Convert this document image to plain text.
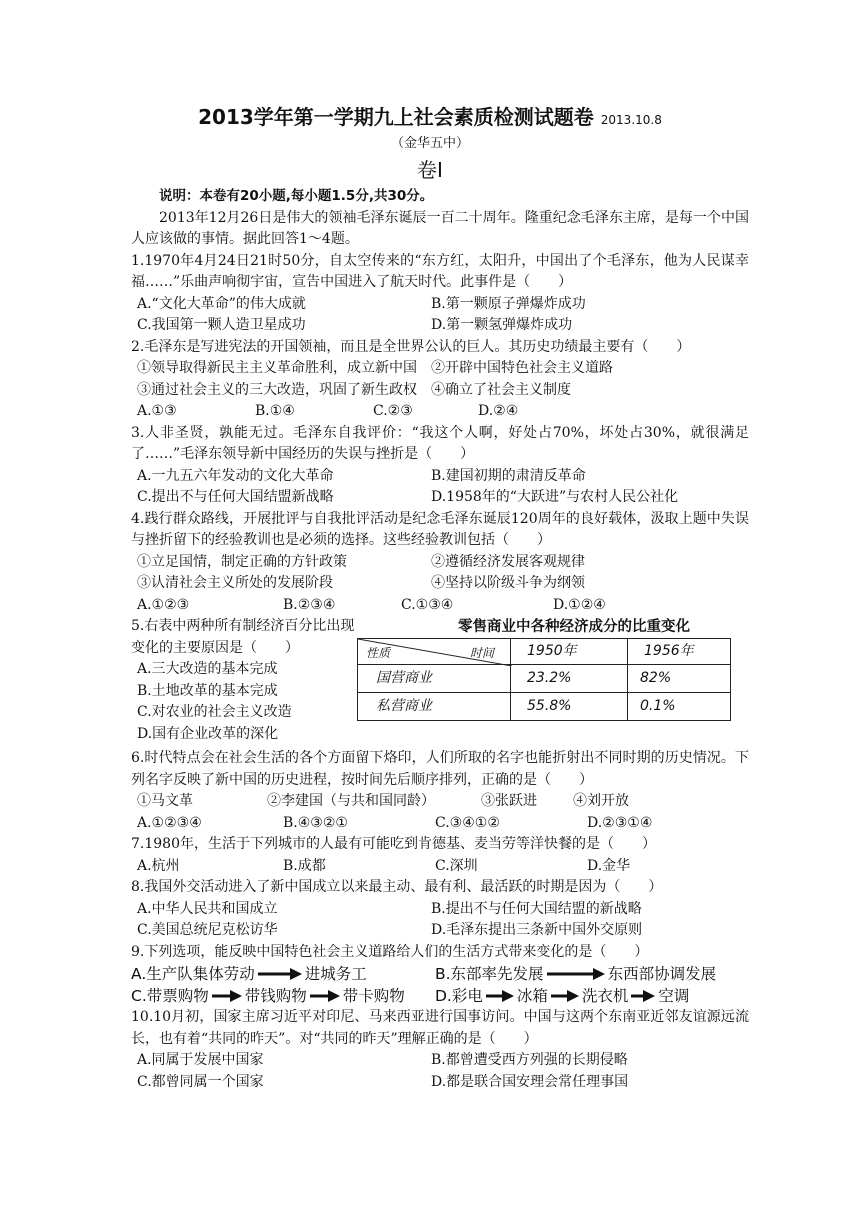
2013学年第一学期九上社会素质检测试题卷 2013.10.8
（金华五中）
卷Ⅰ

说明：本卷有20小题,每小题1.5分,共30分。

2013年12月26日是伟大的领袖毛泽东诞辰一百二十周年。隆重纪念毛泽东主席，是每一个中国人应该做的事情。据此回答1～4题。

1.1970年4月24日21时50分，自太空传来的“东方红，太阳升，中国出了个毛泽东，他为人民谋幸福……”乐曲声响彻宇宙，宣告中国进入了航天时代。此事件是（　　）

A.“文化大革命”的伟大成就	B.第一颗原子弹爆炸成功
C.我国第一颗人造卫星成功	D.第一颗氢弹爆炸成功

2.毛泽东是写进宪法的开国领袖，而且是全世界公认的巨人。其历史功绩最主要有（　　）

①领导取得新民主主义革命胜利，成立新中国	②开辟中国特色社会主义道路
③通过社会主义的三大改造，巩固了新生政权	④确立了社会主义制度
A.①③	B.①④	C.②③	D.②④

3.人非圣贤，孰能无过。毛泽东自我评价：“我这个人啊，好处占70%，坏处占30%，就很满足了……”毛泽东领导新中国经历的失误与挫折是（　　）

A.一九五六年发动的文化大革命	B.建国初期的肃清反革命
C.提出不与任何大国结盟新战略	D.1958年的“大跃进”与农村人民公社化

4.践行群众路线，开展批评与自我批评活动是纪念毛泽东诞辰120周年的良好载体，汲取上题中失误与挫折留下的经验教训也是必须的选择。这些经验教训包括（　　）

①立足国情，制定正确的方针政策	②遵循经济发展客观规律
③认清社会主义所处的发展阶段	④坚持以阶级斗争为纲领
A.①②③	B.②③④	C.①③④	D.①②④

5.右表中两种所有制经济百分比出现

变化的主要原因是（　　）

A.三大改造的基本完成

B.土地改革的基本完成

C.对农业的社会主义改造

D.国有企业改革的深化

零售商业中各种经济成分的比重变化
性质 时间	1950年	1956年
国营商业	23.2%	82%
私营商业	55.8%	0.1%

6.时代特点会在社会生活的各个方面留下烙印，人们所取的名字也能折射出不同时期的历史情况。下列名字反映了新中国的历史进程，按时间先后顺序排列，正确的是（　　）

①马文革	②李建国（与共和国同龄）	③张跃进	④刘开放
A.①②③④	B.④③②①	C.③④①②	D.②③①④

7.1980年，生活于下列城市的人最有可能吃到肯德基、麦当劳等洋快餐的是（　　）

A.杭州	B.成都	C.深圳	D.金华

8.我国外交活动进入了新中国成立以来最主动、最有利、最活跃的时期是因为（　　）

A.中华人民共和国成立	B.提出不与任何大国结盟的新战略
C.美国总统尼克松访华	D.毛泽东提出三条新中国外交原则

9.下列选项，能反映中国特色社会主义道路给人们的生活方式带来变化的是（　　）

A.生产队集体劳动	进城务工	B.东部率先发展	东西部协调发展
C.带票购物 带钱购物 带卡购物 D.彩电 冰箱 洗衣机 空调

10.10月初，国家主席习近平对印尼、马来西亚进行国事访问。中国与这两个东南亚近邻友谊源远流长，也有着“共同的昨天”。对“共同的昨天”理解正确的是（　　）

A.同属于发展中国家	B.都曾遭受西方列强的长期侵略
C.都曾同属一个国家	D.都是联合国安理会常任理事国
